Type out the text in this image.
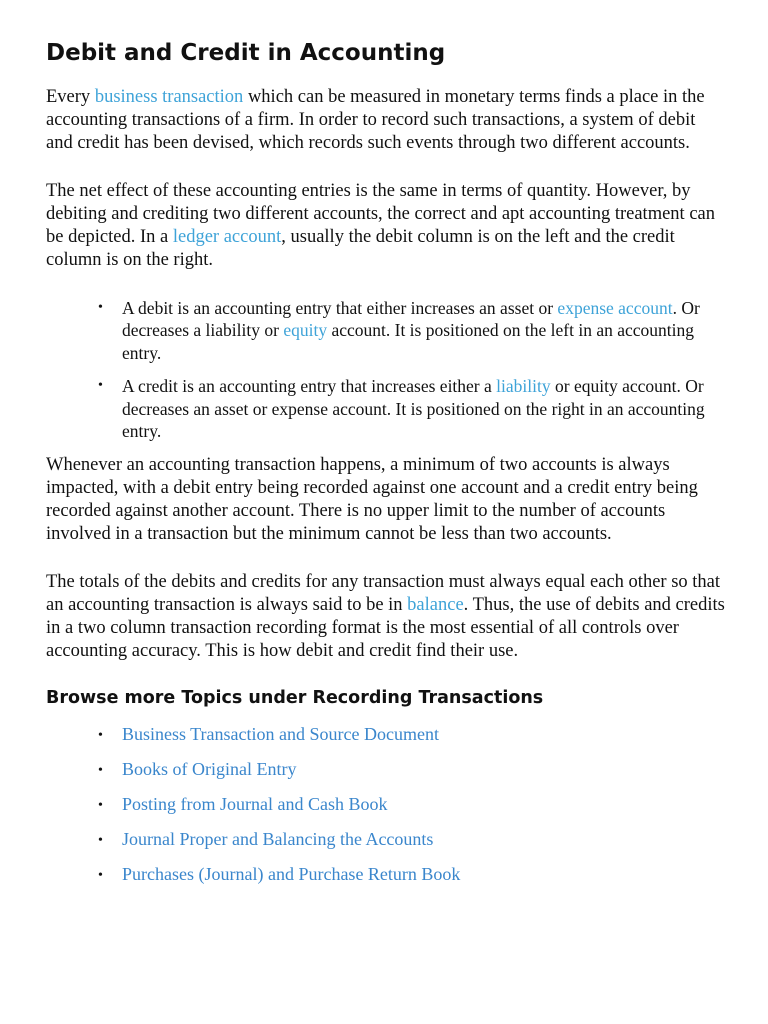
Debit and Credit in Accounting

Every business transaction which can be measured in monetary terms finds a place in the accounting transactions of a firm. In order to record such transactions, a system of debit and credit has been devised, which records such events through two different accounts.

The net effect of these accounting entries is the same in terms of quantity. However, by debiting and crediting two different accounts, the correct and apt accounting treatment can be depicted. In a ledger account, usually the debit column is on the left and the credit column is on the right.

• A debit is an accounting entry that either increases an asset or expense account. Or decreases a liability or equity account. It is positioned on the left in an accounting entry.
• A credit is an accounting entry that increases either a liability or equity account. Or decreases an asset or expense account. It is positioned on the right in an accounting entry.

Whenever an accounting transaction happens, a minimum of two accounts is always impacted, with a debit entry being recorded against one account and a credit entry being recorded against another account. There is no upper limit to the number of accounts involved in a transaction but the minimum cannot be less than two accounts.

The totals of the debits and credits for any transaction must always equal each other so that an accounting transaction is always said to be in balance. Thus, the use of debits and credits in a two column transaction recording format is the most essential of all controls over accounting accuracy. This is how debit and credit find their use.

Browse more Topics under Recording Transactions
• Business Transaction and Source Document
• Books of Original Entry
• Posting from Journal and Cash Book
• Journal Proper and Balancing the Accounts
• Purchases (Journal) and Purchase Return Book
